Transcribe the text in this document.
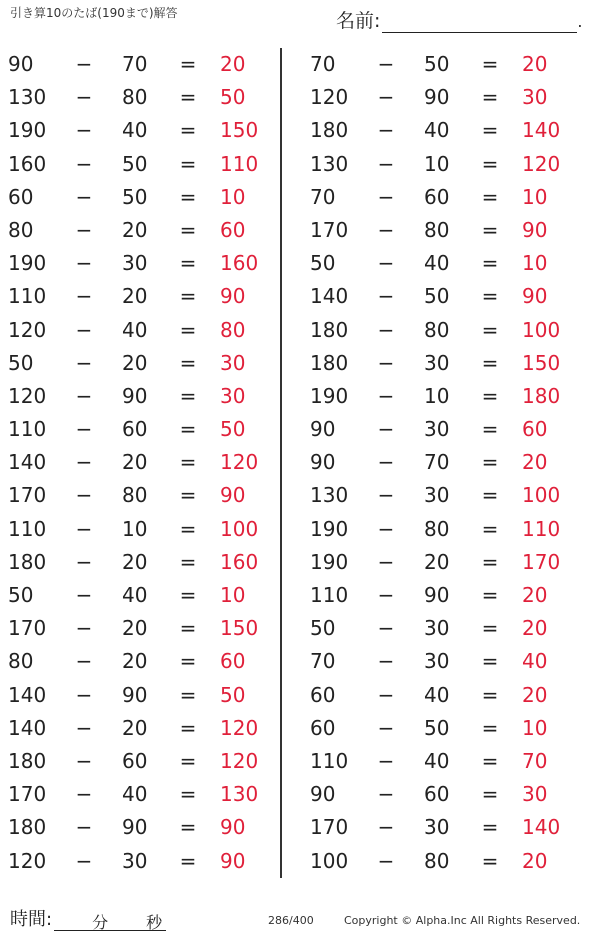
引き算10のたば(190まで)解答	名前:	.
90	− 70	= 20
130	− 80	= 50
190	− 40	= 150
160	− 50	= 110
60	− 50	= 10
80	− 20	= 60
190	− 30	= 160
110	− 20	= 90
120	− 40	= 80
50	− 20	= 30
120	− 90	= 30
110	− 60	= 50
140	− 20	= 120
170	− 80	= 90
110	− 10	= 100
180	− 20	= 160
50	− 40	= 10
170	− 20	= 150
80	− 20	= 60
140	− 90	= 50
140	− 20	= 120
180	− 60	= 120
170	− 40	= 130
180	− 90	= 90
120	− 30	= 90
70	− 50	= 20
120	− 90	= 30
180	− 40	= 140
130	− 10	= 120
70	− 60	= 10
170	− 80	= 90
50	− 40	= 10
140	− 50	= 90
180	− 80	= 100
180	− 30	= 150
190	− 10	= 180
90	− 30	= 60
90	− 70	= 20
130	− 30	= 100
190	− 80	= 110
190	− 20	= 170
110	− 90	= 20
50	− 30	= 20
70	− 30	= 40
60	− 40	= 20
60	− 50	= 10
110	− 40	= 70
90	− 60	= 30
170	− 30	= 140
100	− 80	= 20
時間:	分 秒	286/400	Copyright © Alpha.Inc All Rights Reserved.
